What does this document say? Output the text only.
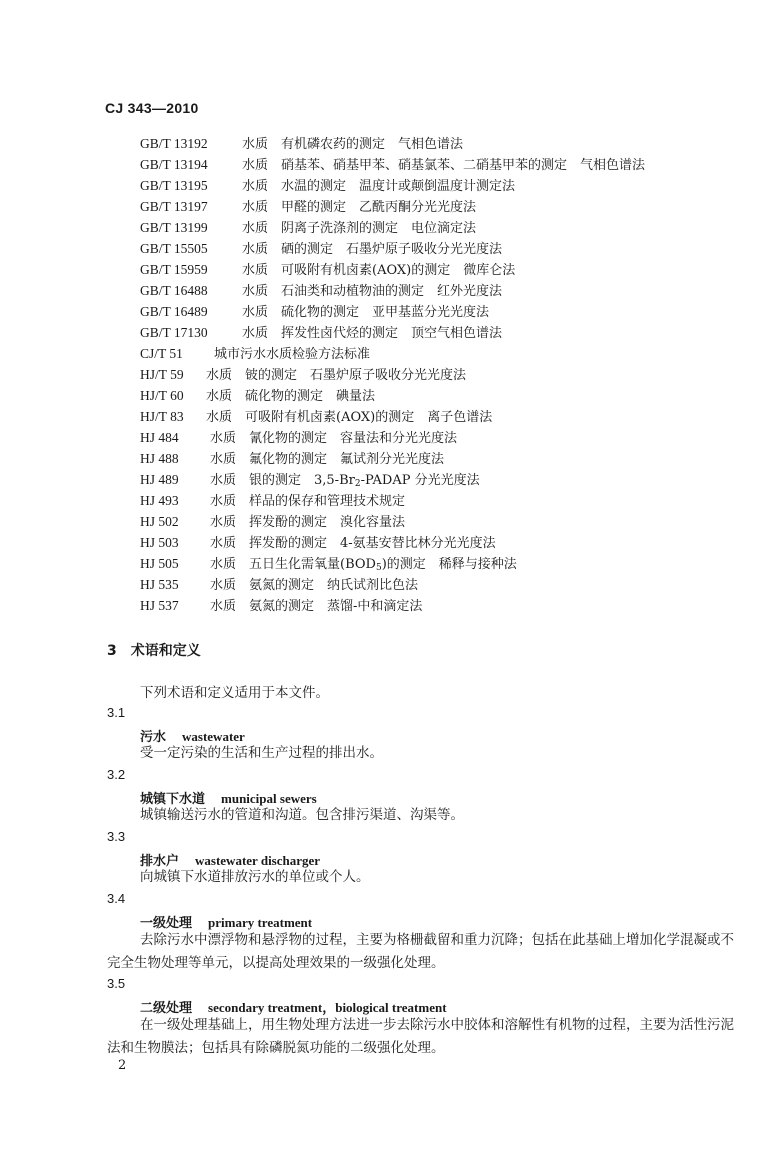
CJ 343—2010
GB/T 13192	水质　有机磷农药的测定　气相色谱法
GB/T 13194	水质　硝基苯、硝基甲苯、硝基氯苯、二硝基甲苯的测定　气相色谱法
GB/T 13195	水质　水温的测定　温度计或颠倒温度计测定法
GB/T 13197	水质　甲醛的测定　乙酰丙酮分光光度法
GB/T 13199	水质　阴离子洗涤剂的测定　电位滴定法
GB/T 15505	水质　硒的测定　石墨炉原子吸收分光光度法
GB/T 15959	水质　可吸附有机卤素(AOX)的测定　微库仑法
GB/T 16488	水质　石油类和动植物油的测定　红外光度法
GB/T 16489	水质　硫化物的测定　亚甲基蓝分光光度法
GB/T 17130	水质　挥发性卤代烃的测定　顶空气相色谱法
CJ/T 51 城市污水水质检验方法标准
HJ/T 59 水质　铍的测定　石墨炉原子吸收分光光度法
HJ/T 60 水质　硫化物的测定　碘量法
HJ/T 83 水质　可吸附有机卤素(AOX)的测定　离子色谱法
HJ 484 水质　氰化物的测定　容量法和分光光度法
HJ 488 水质　氟化物的测定　氟试剂分光光度法
HJ 489 水质　银的测定　$3,5-Br_2$-PADAP 分光光度法
HJ 493 水质　样品的保存和管理技术规定
HJ 502 水质　挥发酚的测定　溴化容量法
HJ 503 水质　挥发酚的测定　4-氨基安替比林分光光度法
HJ 505 水质　五日生化需氧量$(BOD_5)$的测定　稀释与接种法
HJ 535 水质　氨氮的测定　纳氏试剂比色法
HJ 537 水质　氨氮的测定　蒸馏-中和滴定法
3 术语和定义
下列术语和定义适用于本文件。
3.1
污水 wastewater
受一定污染的生活和生产过程的排出水。
3.2
城镇下水道 municipal sewers
城镇输送污水的管道和沟道。包含排污渠道、沟渠等。
3.3
排水户 wastewater discharger
向城镇下水道排放污水的单位或个人。
3.4
一级处理 primary treatment
去除污水中漂浮物和悬浮物的过程，主要为格栅截留和重力沉降；包括在此基础上增加化学混凝或不完全生物处理等单元，以提高处理效果的一级强化处理。
3.5
二级处理 secondary treatment，biological treatment
在一级处理基础上，用生物处理方法进一步去除污水中胶体和溶解性有机物的过程，主要为活性污泥法和生物膜法；包括具有除磷脱氮功能的二级强化处理。
2
